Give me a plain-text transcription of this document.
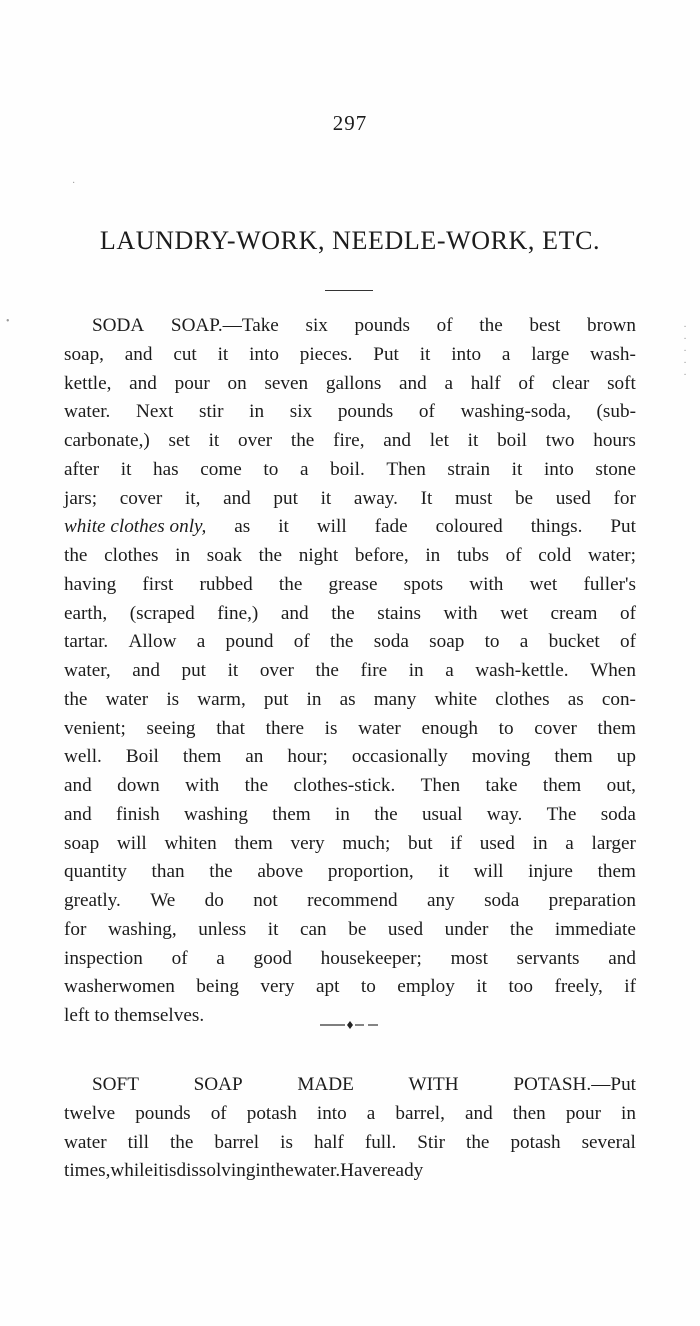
297
LAUNDRY-WORK, NEEDLE-WORK, ETC.
•
·
·
·
·
·
·
SODA SOAP.—Take six pounds of the best brown
soap, and cut it into pieces. Put it into a large wash-
kettle, and pour on seven gallons and a half of clear soft
water. Next stir in six pounds of washing-soda, (sub-
carbonate,) set it over the fire, and let it boil two hours
after it has come to a boil. Then strain it into stone
jars; cover it, and put it away. It must be used for
white clothes only, as it will fade coloured things. Put
the clothes in soak the night before, in tubs of cold water;
having first rubbed the grease spots with wet fuller's
earth, (scraped fine,) and the stains with wet cream of
tartar. Allow a pound of the soda soap to a bucket of
water, and put it over the fire in a wash-kettle. When
the water is warm, put in as many white clothes as con-
venient; seeing that there is water enough to cover them
well. Boil them an hour; occasionally moving them up
and down with the clothes-stick. Then take them out,
and finish washing them in the usual way. The soda
soap will whiten them very much; but if used in a larger
quantity than the above proportion, it will injure them
greatly. We do not recommend any soda preparation
for washing, unless it can be used under the immediate
inspection of a good housekeeper; most servants and
washerwomen being very apt to employ it too freely, if
left to themselves.
SOFT	SOAP	MADE	WITH	POTASH.—Put
twelve pounds of potash into a barrel, and then pour in
water till the barrel is half full. Stir the potash several
times, while it is dissolving in the water. Have ready
